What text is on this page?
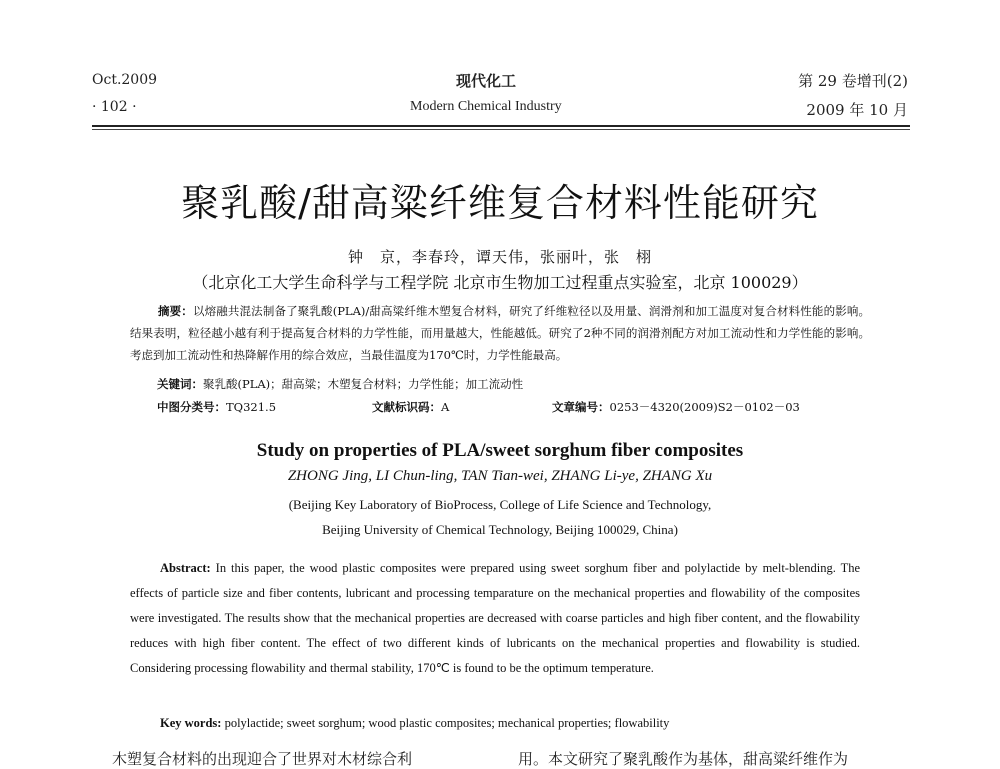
Oct.2009
· 102 ·
现代化工
Modern Chemical Industry
第 29 卷增刊(2)
2009 年 10 月
聚乳酸/甜高粱纤维复合材料性能研究
钟　京，李春玲，谭天伟，张丽叶，张　栩
（北京化工大学生命科学与工程学院 北京市生物加工过程重点实验室，北京 100029）
摘要：以熔融共混法制备了聚乳酸(PLA)/甜高粱纤维木塑复合材料，研究了纤维粒径以及用量、润滑剂和加工温度对复合材料性能的影响。结果表明，粒径越小越有利于提高复合材料的力学性能，而用量越大，性能越低。研究了2种不同的润滑剂配方对加工流动性和力学性能的影响。考虑到加工流动性和热降解作用的综合效应，当最佳温度为170℃时，力学性能最高。
关键词：聚乳酸(PLA)；甜高粱；木塑复合材料；力学性能；加工流动性
中图分类号：TQ321.5	文献标识码：A	文章编号：0253－4320(2009)S2－0102－03
Study on properties of PLA/sweet sorghum fiber composites
ZHONG Jing, LI Chun-ling, TAN Tian-wei, ZHANG Li-ye, ZHANG Xu
(Beijing Key Laboratory of BioProcess, College of Life Science and Technology,
Beijing University of Chemical Technology, Beijing 100029, China)
Abstract: In this paper, the wood plastic composites were prepared using sweet sorghum fiber and polylactide by melt-blending. The effects of particle size and fiber contents, lubricant and processing temparature on the mechanical properties and flowability of the composites were investigated. The results show that the mechanical properties are decreased with coarse particles and high fiber content, and the flowability reduces with high fiber content. The effect of two different kinds of lubricants on the mechanical properties and flowability is studied. Considering processing flowability and thermal stability, 170℃ is found to be the optimum temperature.
Key words: polylactide; sweet sorghum; wood plastic composites; mechanical properties; flowability
木塑复合材料的出现迎合了世界对木材综合利	用。本文研究了聚乳酸作为基体，甜高粱纤维作为
